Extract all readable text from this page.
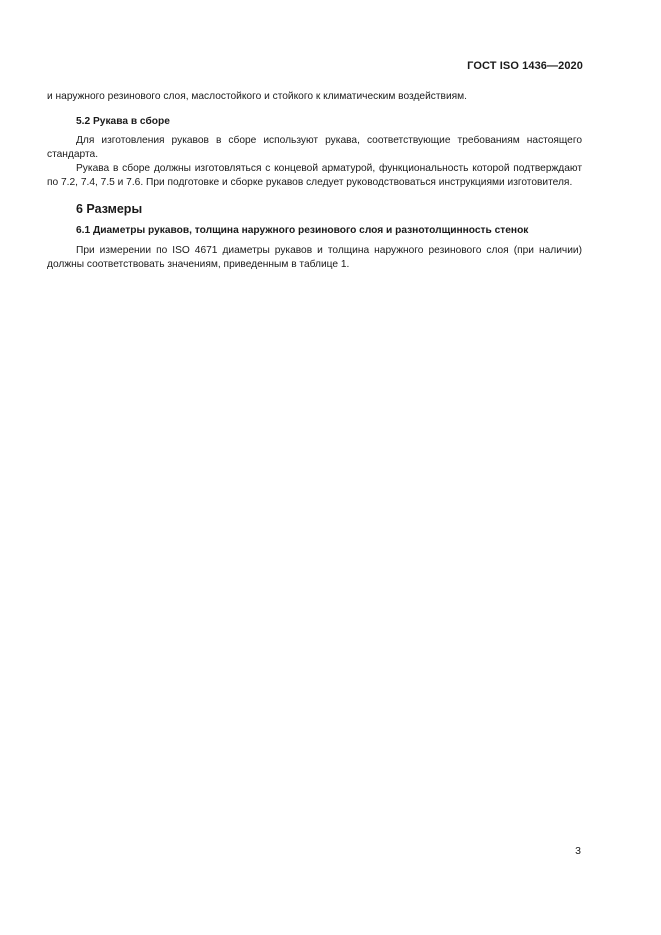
ГОСТ ISO 1436—2020

и наружного резинового слоя, маслостойкого и стойкого к климатическим воздействиям.

5.2 Рукава в сборе

Для изготовления рукавов в сборе используют рукава, соответствующие требованиям настоящего стандарта.

Рукава в сборе должны изготовляться с концевой арматурой, функциональность которой подтверждают по 7.2, 7.4, 7.5 и 7.6. При подготовке и сборке рукавов следует руководствоваться инструкциями изготовителя.

6 Размеры

6.1 Диаметры рукавов, толщина наружного резинового слоя и разнотолщинность стенок

При измерении по ISO 4671 диаметры рукавов и толщина наружного резинового слоя (при наличии) должны соответствовать значениям, приведенным в таблице 1.

3
